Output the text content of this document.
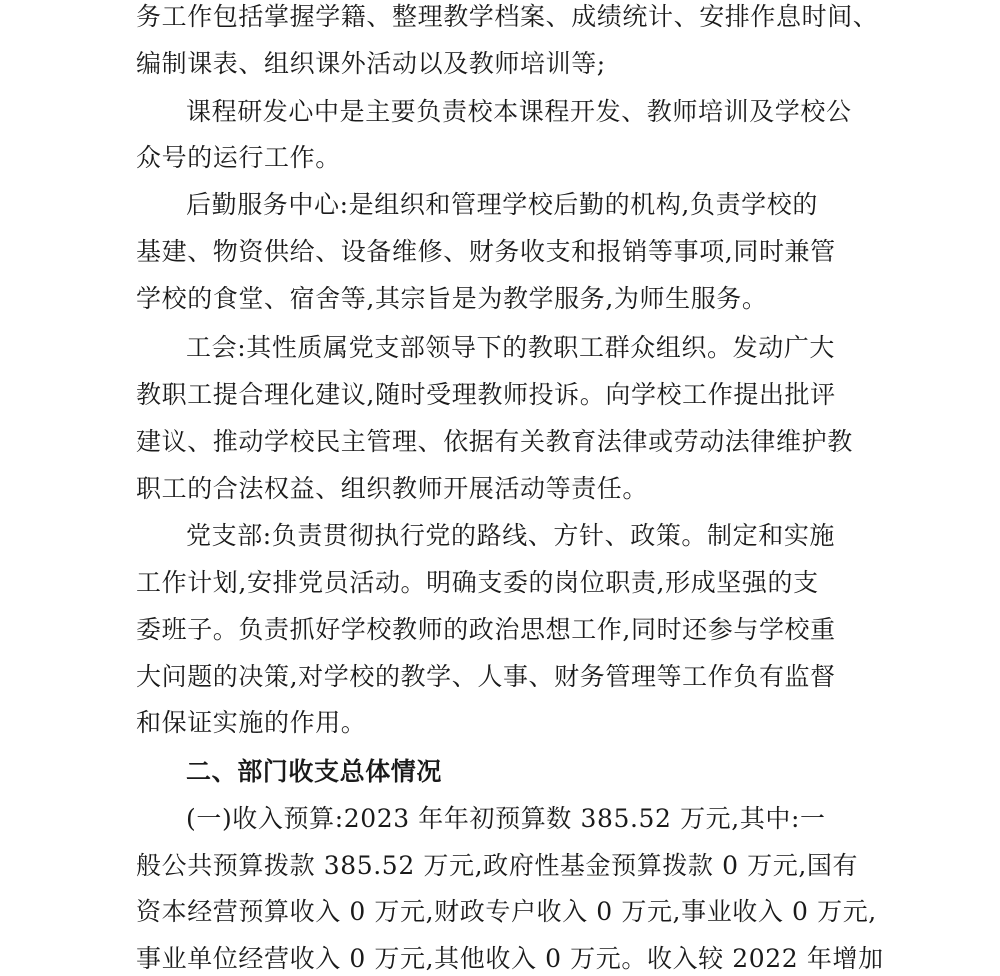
务工作包括掌握学籍、整理教学档案、成绩统计、安排作息时间、
编制课表、组织课外活动以及教师培训等;
课程研发心中是主要负责校本课程开发、教师培训及学校公
众号的运行工作。
后勤服务中心:是组织和管理学校后勤的机构,负责学校的
基建、物资供给、设备维修、财务收支和报销等事项,同时兼管
学校的食堂、宿舍等,其宗旨是为教学服务,为师生服务。
工会:其性质属党支部领导下的教职工群众组织。发动广大
教职工提合理化建议,随时受理教师投诉。向学校工作提出批评
建议、推动学校民主管理、依据有关教育法律或劳动法律维护教
职工的合法权益、组织教师开展活动等责任。
党支部:负责贯彻执行党的路线、方针、政策。制定和实施
工作计划,安排党员活动。明确支委的岗位职责,形成坚强的支
委班子。负责抓好学校教师的政治思想工作,同时还参与学校重
大问题的决策,对学校的教学、人事、财务管理等工作负有监督
和保证实施的作用。
二、部门收支总体情况
(一)收入预算:2023 年年初预算数 385.52 万元,其中:一
般公共预算拨款 385.52 万元,政府性基金预算拨款 0 万元,国有
资本经营预算收入 0 万元,财政专户收入 0 万元,事业收入 0 万元,
事业单位经营收入 0 万元,其他收入 0 万元。收入较 2022 年增加
